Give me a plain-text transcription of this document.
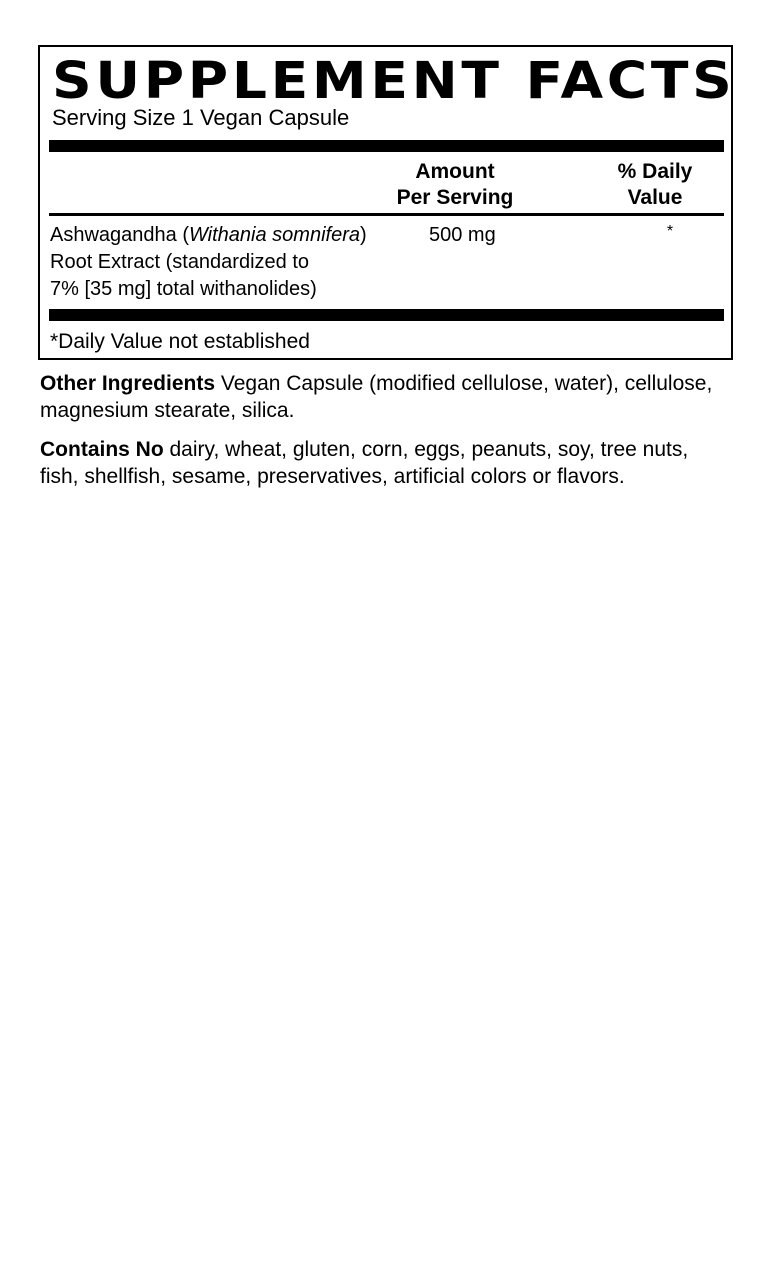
SUPPLEMENT FACTS
Serving Size 1 Vegan Capsule
Amount
Per Serving
% Daily
Value
Ashwagandha (Withania somnifera)
Root Extract (standardized to
7% [35 mg] total withanolides)
500 mg	*
*Daily Value not established
Other Ingredients Vegan Capsule (modified cellulose, water), cellulose, magnesium stearate, silica.
Contains No dairy, wheat, gluten, corn, eggs, peanuts, soy, tree nuts, fish, shellfish, sesame, preservatives, artificial colors or flavors.
